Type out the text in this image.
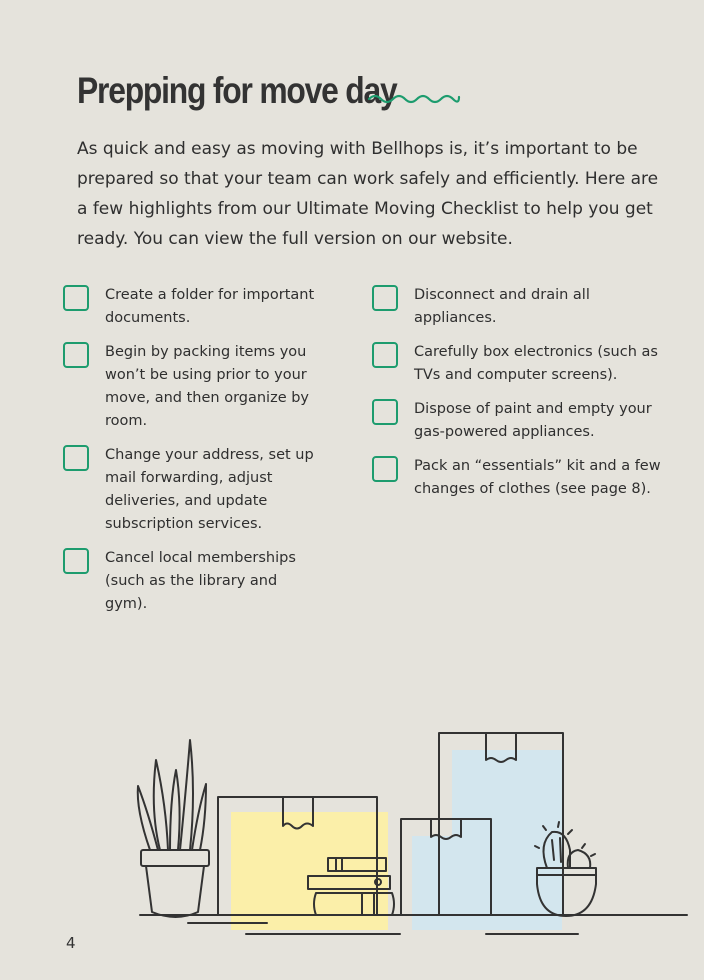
Prepping for move day

As quick and easy as moving with Bellhops is, it’s important to be prepared so that your team can work safely and efficiently. Here are a few highlights from our Ultimate Moving Checklist to help you get ready. You can view the full version on our website.

Create a folder for important documents.
Begin by packing items you won’t be using prior to your move, and then organize by room.
Change your address, set up mail forwarding, adjust deliveries, and update subscription services.
Cancel local memberships (such as the library and gym).
Disconnect and drain all appliances.
Carefully box electronics (such as TVs and computer screens).
Dispose of paint and empty your gas-powered appliances.
Pack an “essentials” kit and a few changes of clothes (see page 8).
4
